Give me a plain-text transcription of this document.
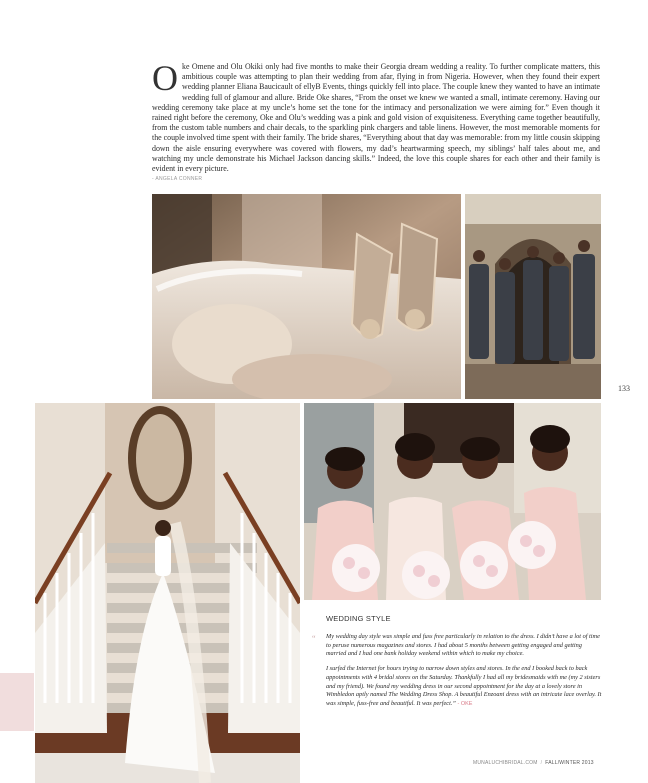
Oke Omene and Olu Okiki only had five months to make their Georgia dream wedding a reality. To further complicate matters, this ambitious couple was attempting to plan their wedding from afar, flying in from Nigeria. However, when they found their expert wedding planner Eliana Baucicault of ellyB Events, things quickly fell into place. The couple knew they wanted to have an intimate wedding full of glamour and allure. Bride Oke shares, “From the onset we knew we wanted a small, intimate ceremony. Having our wedding ceremony take place at my uncle’s home set the tone for the intimacy and personalization we were aiming for.” Even though it rained right before the ceremony, Oke and Olu’s wedding was a pink and gold vision of exquisiteness. Everything came together beautifully, from the custom table numbers and chair decals, to the sparkling pink chargers and table linens. However, the most memorable moments for the couple involved time spent with their family. The bride shares, “Everything about that day was memorable: from my little cousin skipping down the aisle ensuring everywhere was covered with flowers, my dad’s heartwarming speech, my siblings’ half tales about me, and watching my uncle demonstrate his Michael Jackson dancing skills.” Indeed, the love this couple shares for each other and their family is evident in every picture.
- ANGELA CONNER
133
WEDDING STYLE
“ My wedding day style was simple and fuss free particularly in relation to the dress. I didn’t have a lot of time to peruse numerous magazines and stores. I had about 5 months between getting engaged and getting married and I had one bank holiday weekend within which to make my choice.

I surfed the Internet for hours trying to narrow down styles and stores. In the end I booked back to back appointments with 4 bridal stores on the Saturday. Thankfully I had all my bridesmaids with me (my 2 sisters and my friend). We found my wedding dress in our second appointment for the day at a lovely store in Wimbledon aptly named The Wedding Dress Shop. A beautiful Enzoani dress with an intricate lace overlay. It was simple, fuss-free and beautiful. It was perfect.” - OKE

MUNALUCHIBRIDAL.COM / FALL/WINTER 2013
